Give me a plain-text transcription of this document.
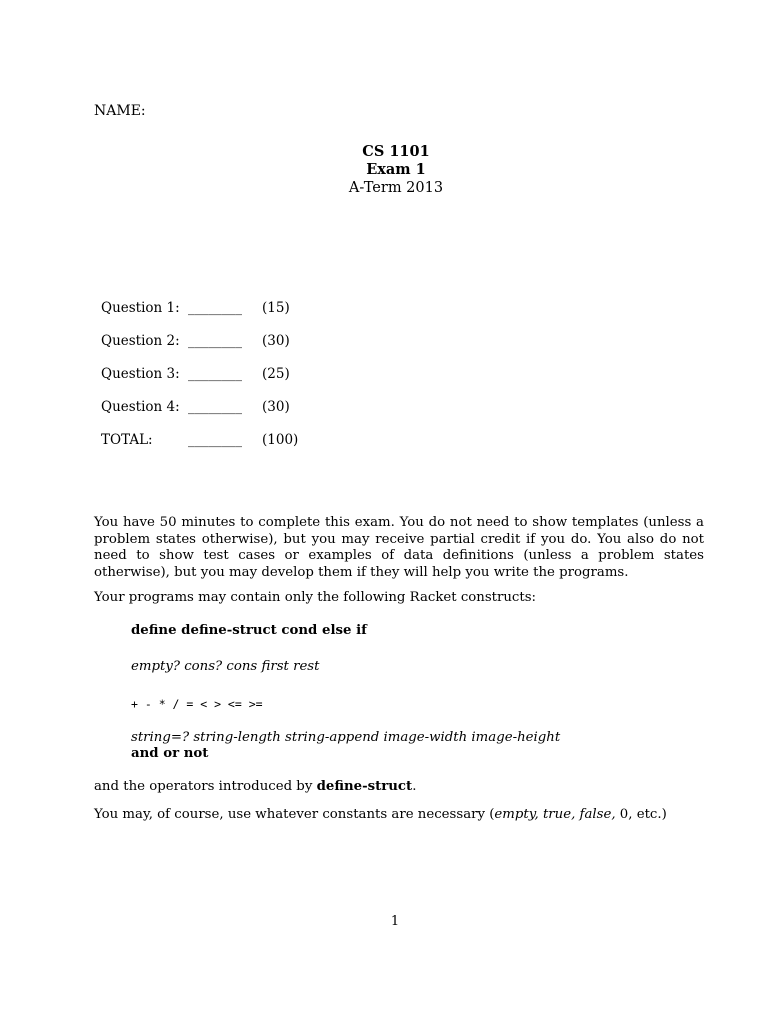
NAME:
CS 1101
Exam 1
A-Term 2013
Question 1: ________ (15)
Question 2: ________ (30)
Question 3: ________ (25)
Question 4: ________ (30)
TOTAL:	________ (100)

You have 50 minutes to complete this exam. You do not need to show templates (unless a problem states otherwise), but you may receive partial credit if you do. You also do not need to show test cases or examples of data definitions (unless a problem states otherwise), but you may develop them if they will help you write the programs.

Your programs may contain only the following Racket constructs:

define define-struct cond else if
empty? cons? cons first rest
+ - * / = < > <= >=
string=? string-length string-append image-width image-height
and or not

and the operators introduced by define-struct.

You may, of course, use whatever constants are necessary (empty, true, false, 0, etc.)

1
